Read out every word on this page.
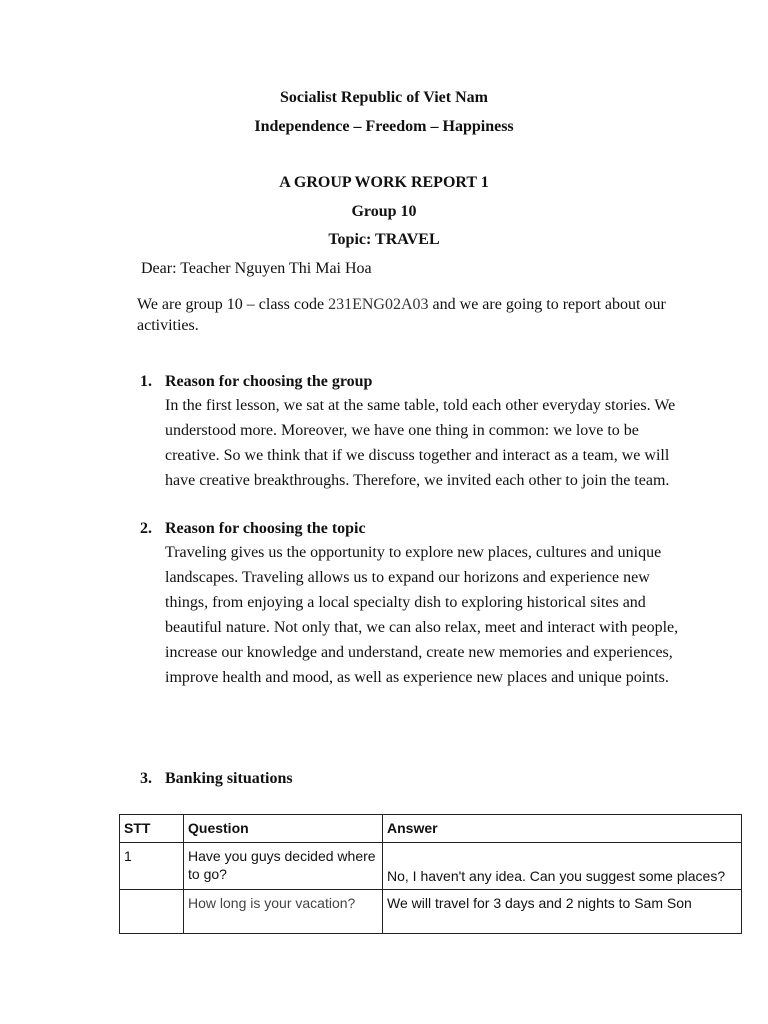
Socialist Republic of Viet Nam
Independence – Freedom – Happiness
A GROUP WORK REPORT 1
Group 10
Topic: TRAVEL
Dear: Teacher Nguyen Thi Mai Hoa
We are group 10 – class code 231ENG02A03 and we are going to report about our activities.
1. Reason for choosing the group
In the first lesson, we sat at the same table, told each other everyday stories. We understood more. Moreover, we have one thing in common: we love to be creative. So we think that if we discuss together and interact as a team, we will have creative breakthroughs. Therefore, we invited each other to join the team.
2. Reason for choosing the topic
Traveling gives us the opportunity to explore new places, cultures and unique landscapes. Traveling allows us to expand our horizons and experience new things, from enjoying a local specialty dish to exploring historical sites and beautiful nature. Not only that, we can also relax, meet and interact with people, increase our knowledge and understand, create new memories and experiences, improve health and mood, as well as experience new places and unique points.
3. Banking situations
STT	Question	Answer
1	Have you guys decided where to go?	No, I haven't any idea. Can you suggest some places?
	How long is your vacation?	We will travel for 3 days and 2 nights to Sam Son
